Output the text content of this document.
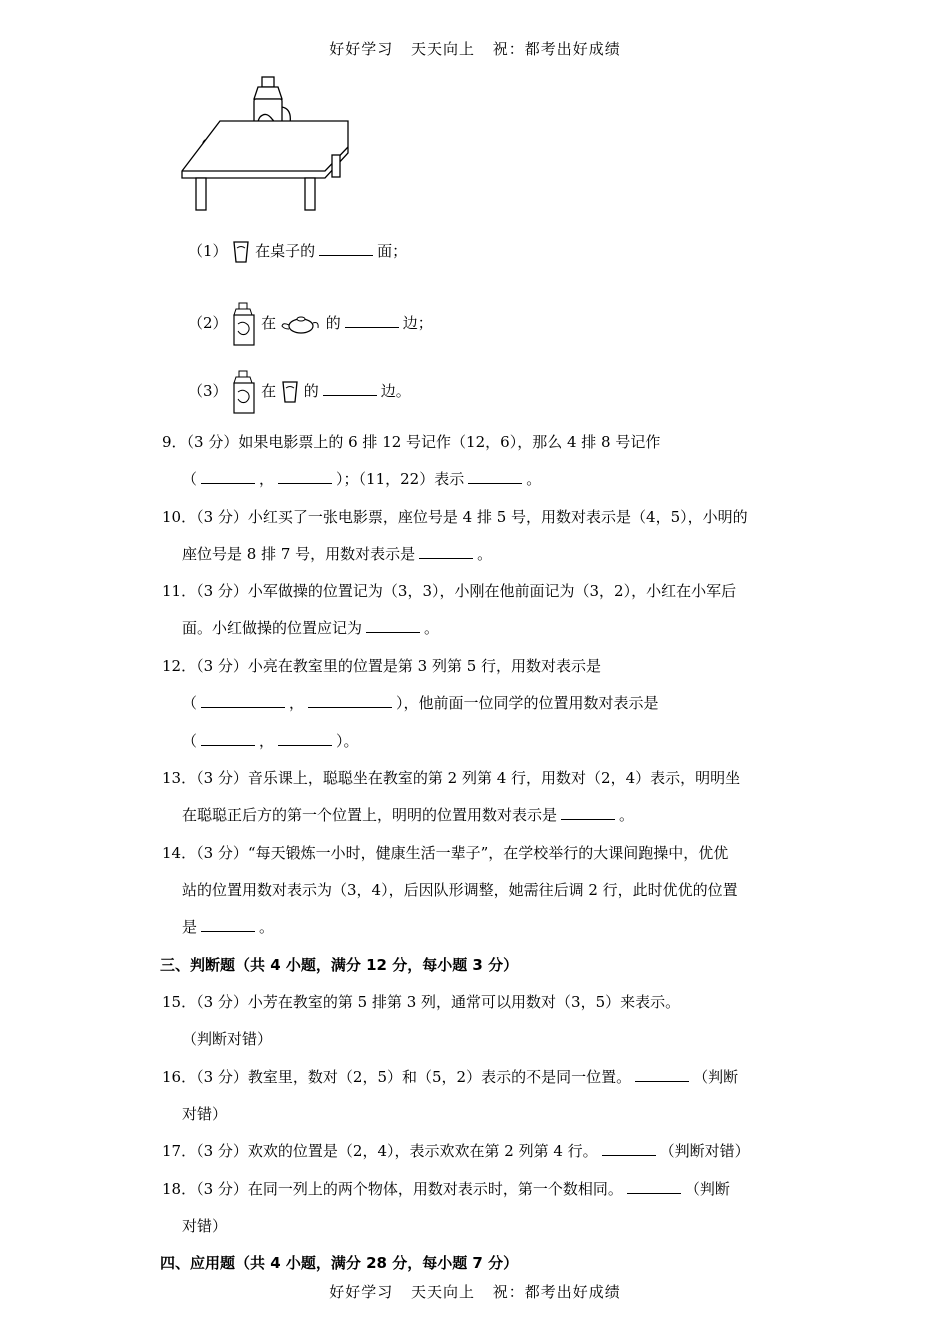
好好学习 天天向上 祝：都考出好成绩
（1） 在桌子的	面；
（2） 在	的	边；
（3） 在 的	边。
9．（3 分）如果电影票上的 6 排 12 号记作（12，6），那么 4 排 8 号记作
（	，	）；（11，22）表示	。
10．（3 分）小红买了一张电影票，座位号是 4 排 5 号，用数对表示是（4，5），小明的
座位号是 8 排 7 号，用数对表示是	。
11．（3 分）小军做操的位置记为（3，3），小刚在他前面记为（3，2），小红在小军后
面。小红做操的位置应记为	。
12．（3 分）小亮在教室里的位置是第 3 列第 5 行，用数对表示是
（	，	），他前面一位同学的位置用数对表示是
（	，	）。
13．（3 分）音乐课上，聪聪坐在教室的第 2 列第 4 行，用数对（2，4）表示，明明坐
在聪聪正后方的第一个位置上，明明的位置用数对表示是	。
14．（3 分）“每天锻炼一小时，健康生活一辈子”，在学校举行的大课间跑操中，优优
站的位置用数对表示为（3，4），后因队形调整，她需往后调 2 行，此时优优的位置
是	。
三、判断题（共 4 小题，满分 12 分，每小题 3 分）
15．（3 分）小芳在教室的第 5 排第 3 列，通常可以用数对（3，5）来表示。
（判断对错）
16．（3 分）教室里，数对（2，5）和（5，2）表示的不是同一位置。	（判断
对错）
17．（3 分）欢欢的位置是（2，4），表示欢欢在第 2 列第 4 行。	（判断对错）
18．（3 分）在同一列上的两个物体，用数对表示时，第一个数相同。	（判断
对错）
四、应用题（共 4 小题，满分 28 分，每小题 7 分）
好好学习 天天向上 祝：都考出好成绩
